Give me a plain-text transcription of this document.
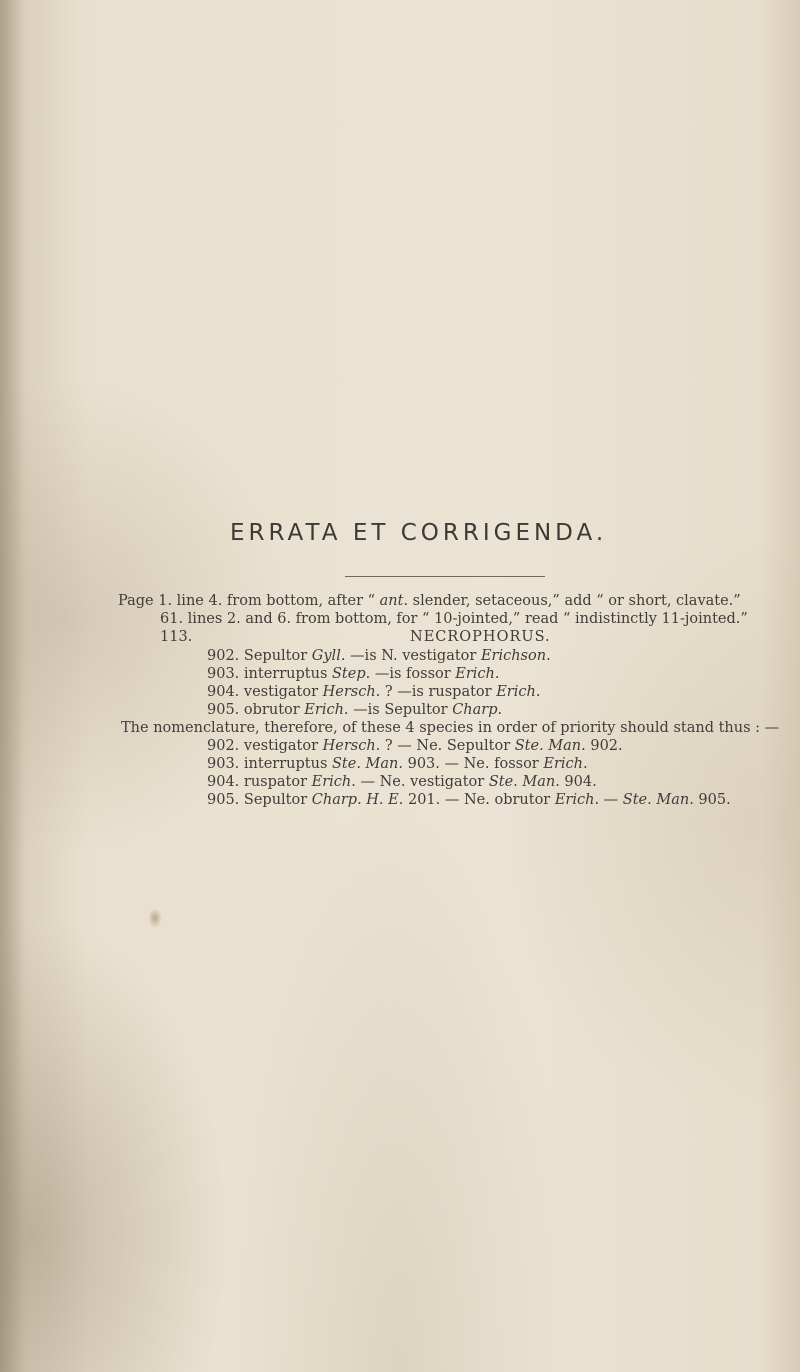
ERRATA ET CORRIGENDA.
Page 1. line 4. from bottom, after “ ant. slender, setaceous,” add “ or short, clavate.”
61. lines 2. and 6. from bottom, for “ 10-jointed,” read “ indistinctly 11-jointed.”
113.	NECROPHORUS.
902. Sepultor Gyll. —is N. vestigator Erichson.
903. interruptus Step. —is fossor Erich.
904. vestigator Hersch. ? —is ruspator Erich.
905. obrutor Erich. —is Sepultor Charp.
The nomenclature, therefore, of these 4 species in order of priority should stand thus : —
902. vestigator Hersch. ? — Ne. Sepultor Ste. Man. 902.
903. interruptus Ste. Man. 903. — Ne. fossor Erich.
904. ruspator Erich. — Ne. vestigator Ste. Man. 904.
905. Sepultor Charp. H. E. 201. — Ne. obrutor Erich. — Ste. Man. 905.
